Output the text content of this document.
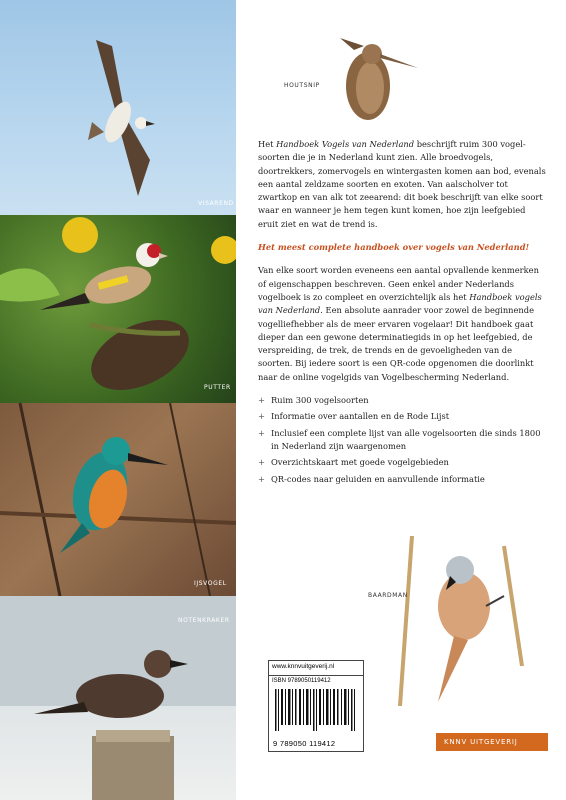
VISAREND
PUTTER
IJSVOGEL
NOTENKRAKER
HOUTSNIP

Het Handboek Vogels van Nederland beschrijft ruim 300 vogel-soorten die je in Nederland kunt zien. Alle broedvogels, doortrekkers, zomervogels en wintergasten komen aan bod, evenals een aantal zeldzame soorten en exoten. Van aalscholver tot zwartkop en van alk tot zeearend: dit boek beschrijft van elke soort waar en wanneer je hem tegen kunt komen, hoe zijn leefgebied eruit ziet en wat de trend is.

Het meest complete handboek over vogels van Nederland!

Van elke soort worden eveneens een aantal opvallende kenmerken of eigenschappen beschreven. Geen enkel ander Nederlands vogelboek is zo compleet en overzichtelijk als het Handboek vogels van Nederland. Een absolute aanrader voor zowel de beginnende vogelliefhebber als de meer ervaren vogelaar! Dit handboek gaat dieper dan een gewone determinatiegids in op het leefgebied, de verspreiding, de trek, de trends en de gevoeligheden van de soorten. Bij iedere soort is een QR-code opgenomen die doorlinkt naar de online vogelgids van Vogelbescherming Nederland.

+ Ruim 300 vogelsoorten
+ Informatie over aantallen en de Rode Lijst
+ Inclusief een complete lijst van alle vogelsoorten die sinds 1800 in Nederland zijn waargenomen
+ Overzichtskaart met goede vogelgebieden
+ QR-codes naar geluiden en aanvullende informatie
BAARDMAN
www.knnvuitgeverij.nl
ISBN 9789050119412
9 789050 119412	KNNV UITGEVERIJ
